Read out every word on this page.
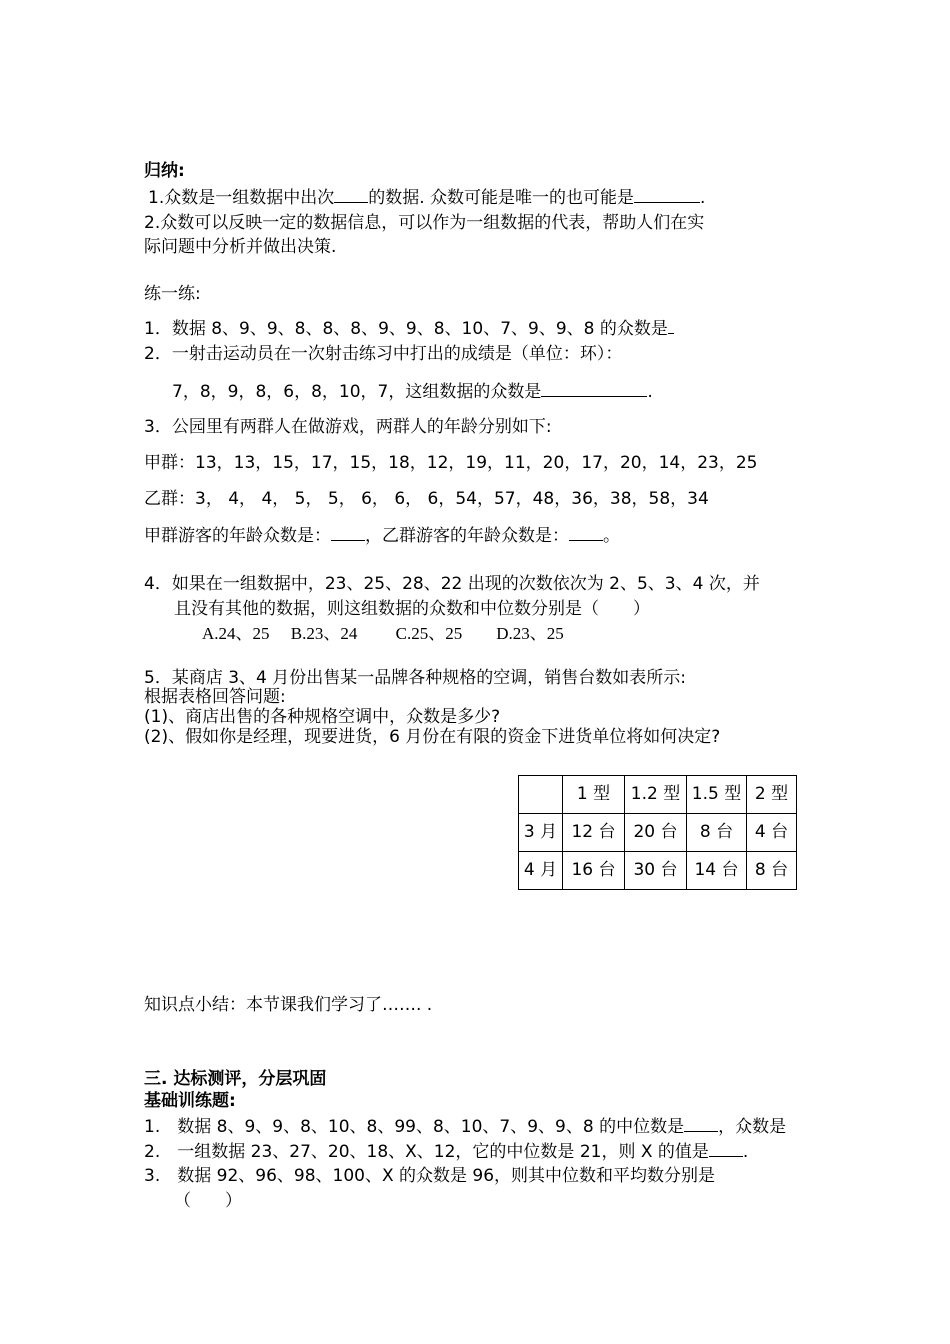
归纳:
1.众数是一组数据中出次 的数据. 众数可能是唯一的也可能是	.
2.众数可以反映一定的数据信息，可以作为一组数据的代表，帮助人们在实
际问题中分析并做出决策.
练一练:
1．数据 8、9、9、8、8、8、9、9、8、10、7、9、9、8 的众数是
2．一射击运动员在一次射击练习中打出的成绩是（单位：环）：
7，8，9，8，6，8，10，7，这组数据的众数是	.
3．公园里有两群人在做游戏，两群人的年龄分别如下:
甲群：13，13，15，17，15，18，12，19，11，20，17，20，14，23，25
乙群：3， 4， 4， 5， 5， 6， 6， 6，54，57，48，36，38，58，34
甲群游客的年龄众数是： ，乙群游客的年龄众数是： 。
4．如果在一组数据中，23、25、28、22 出现的次数依次为 2、5、3、4 次，并
且没有其他的数据，则这组数据的众数和中位数分别是（　　）
A.24、25　 B.23、24　　 C.25、25　　D.23、25
5．某商店 3、4 月份出售某一品牌各种规格的空调，销售台数如表所示:
根据表格回答问题:
(1)、商店出售的各种规格空调中，众数是多少?
(2)、假如你是经理，现要进货，6 月份在有限的资金下进货单位将如何决定?
	1 型	1.2 型	1.5 型	2 型
3 月	12 台	20 台	8 台	4 台
4 月	16 台	30 台	14 台	8 台
知识点小结：本节课我们学习了……. .
三. 达标测评，分层巩固
基础训练题:
1.　数据 8、9、9、8、10、8、99、8、10、7、9、9、8 的中位数是 ，众数是
2.　一组数据 23、27、20、18、X、12，它的中位数是 21，则 X 的值是 .
3.　数据 92、96、98、100、X 的众数是 96，则其中位数和平均数分别是
（　　）
